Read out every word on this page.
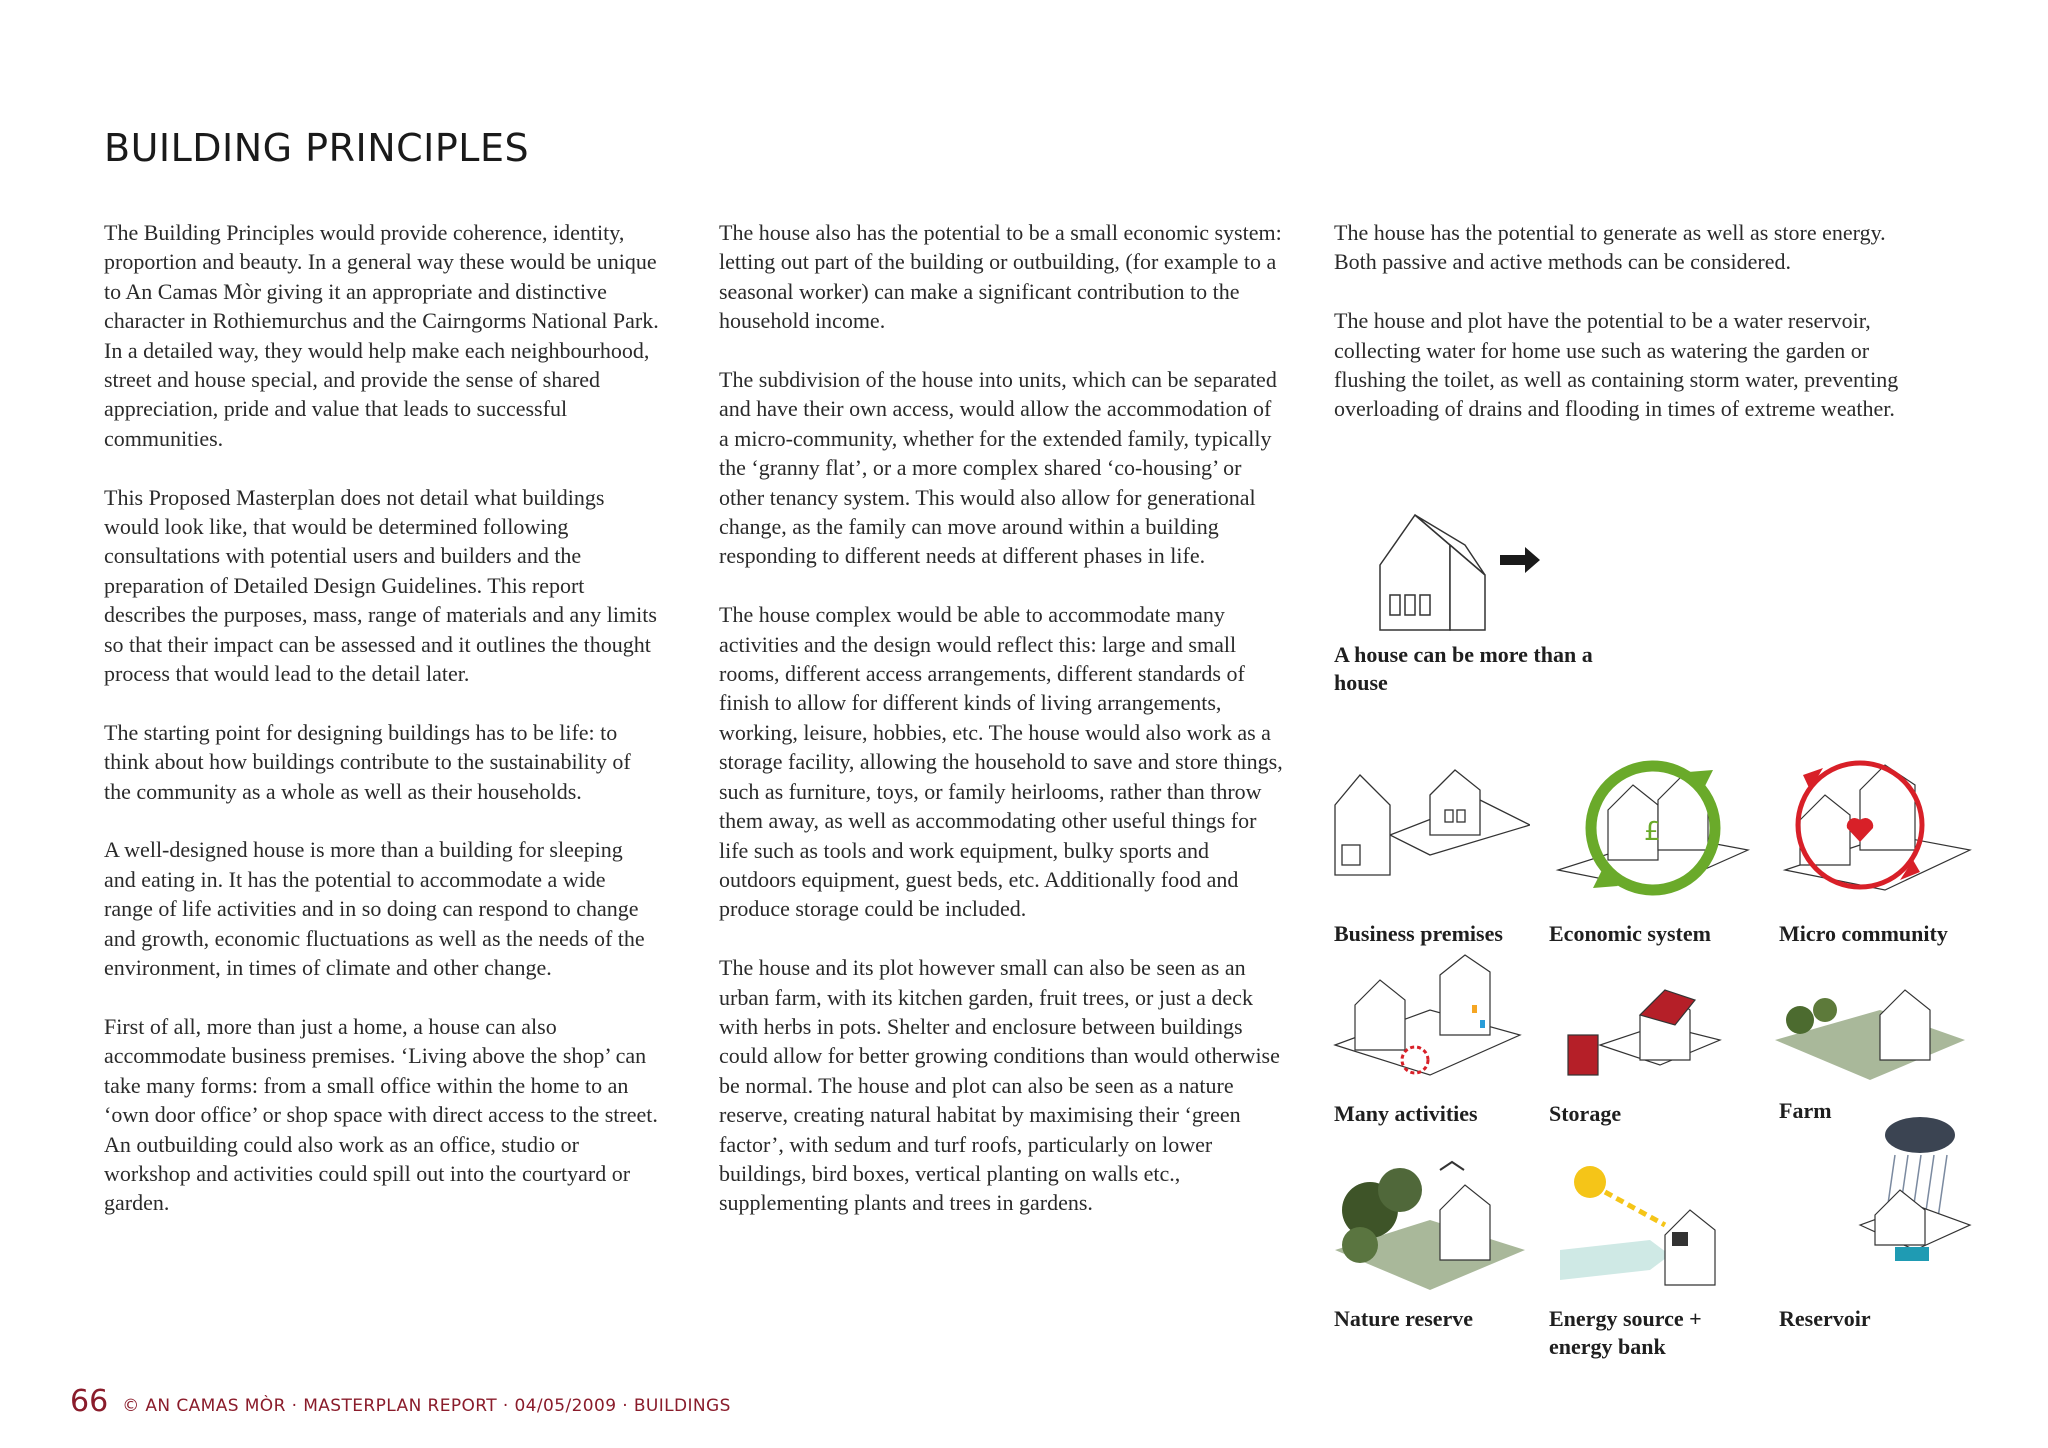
BUILDING PRINCIPLES

The Building Principles would provide coherence, identity, proportion and beauty. In a general way these would be unique to An Camas Mòr giving it an appropriate and distinctive character in Rothiemurchus and the Cairngorms National Park. In a detailed way, they would help make each neighbourhood, street and house special, and provide the sense of shared appreciation, pride and value that leads to successful communities.

This Proposed Masterplan does not detail what buildings would look like, that would be determined following consultations with potential users and builders and the preparation of Detailed Design Guidelines. This report describes the purposes, mass, range of materials and any limits so that their impact can be assessed and it outlines the thought process that would lead to the detail later.

The starting point for designing buildings has to be life: to think about how buildings contribute to the sustainability of the community as a whole as well as their households.

A well-designed house is more than a building for sleeping and eating in. It has the potential to accommodate a wide range of life activities and in so doing can respond to change and growth, economic fluctuations as well as the needs of the environment, in times of climate and other change.

First of all, more than just a home, a house can also accommodate business premises. ‘Living above the shop’ can take many forms: from a small office within the home to an ‘own door office’ or shop space with direct access to the street. An outbuilding could also work as an office, studio or workshop and activities could spill out into the courtyard or garden.

The house also has the potential to be a small economic system: letting out part of the building or outbuilding, (for example to a seasonal worker) can make a significant contribution to the household income.

The subdivision of the house into units, which can be separated and have their own access, would allow the accommodation of a micro-community, whether for the extended family, typically the ‘granny flat’, or a more complex shared ‘co-housing’ or other tenancy system. This would also allow for generational change, as the family can move around within a building responding to different needs at different phases in life.

The house complex would be able to accommodate many activities and the design would reflect this: large and small rooms, different access arrangements, different standards of finish to allow for different kinds of living arrangements, working, leisure, hobbies, etc. The house would also work as a storage facility, allowing the household to save and store things, such as furniture, toys, or family heirlooms, rather than throw them away, as well as accommodating other useful things for life such as tools and work equipment, bulky sports and outdoors equipment, guest beds, etc. Additionally food and produce storage could be included.

The house and its plot however small can also be seen as an urban farm, with its kitchen garden, fruit trees, or just a deck with herbs in pots. Shelter and enclosure between buildings could allow for better growing conditions than would otherwise be normal. The house and plot can also be seen as a nature reserve, creating natural habitat by maximising their ‘green factor’, with sedum and turf roofs, particularly on lower buildings, bird boxes, vertical planting on walls etc., supplementing plants and trees in gardens.

The house has the potential to generate as well as store energy. Both passive and active methods can be considered.

The house and plot have the potential to be a water reservoir, collecting water for home use such as watering the garden or flushing the toilet, as well as containing storm water, preventing overloading of drains and flooding in times of extreme weather.

A house can be more than a house
£
Business premises Economic system	Micro community
Many activities	Storage	Farm
Nature reserve	Energy source + energy bank
Reservoir
66 © AN CAMAS MÒR · MASTERPLAN REPORT · 04/05/2009 · BUILDINGS
